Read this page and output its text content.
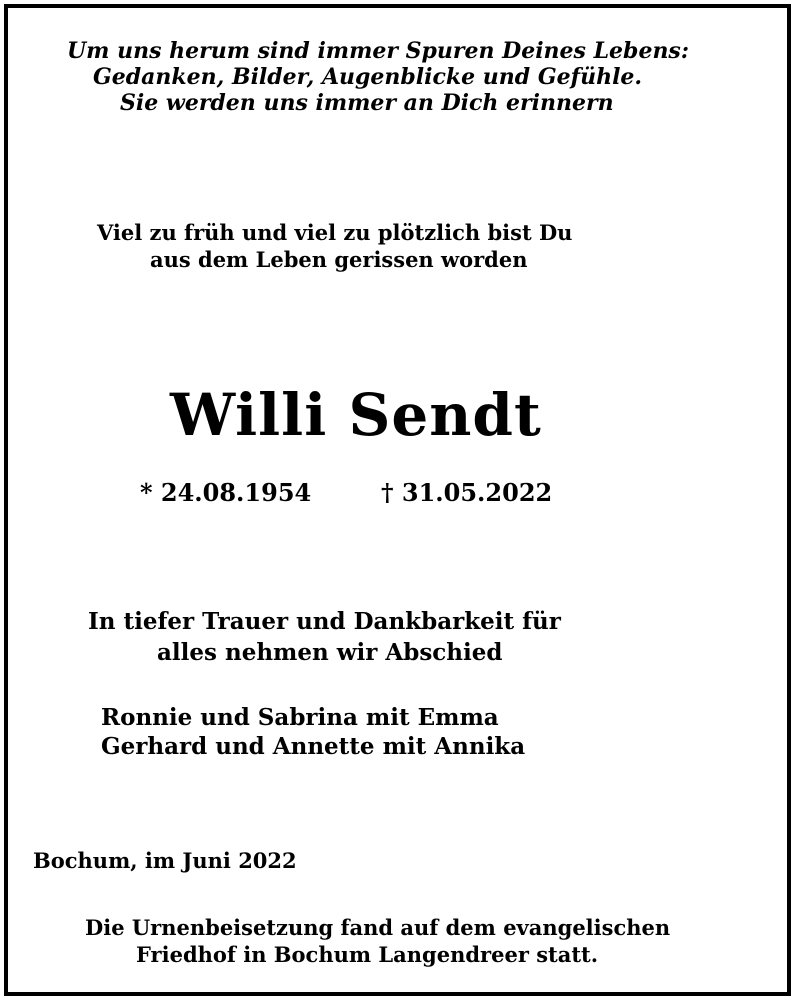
Um uns herum sind immer Spuren Deines Lebens:
Gedanken, Bilder, Augenblicke und Gefühle.
Sie werden uns immer an Dich erinnern
Viel zu früh und viel zu plötzlich bist Du
aus dem Leben gerissen worden
Willi Sendt
* 24.08.1954	† 31.05.2022
In tiefer Trauer und Dankbarkeit für
alles nehmen wir Abschied
Ronnie und Sabrina mit Emma
Gerhard und Annette mit Annika
Bochum, im Juni 2022
Die Urnenbeisetzung fand auf dem evangelischen
Friedhof in Bochum Langendreer statt.
